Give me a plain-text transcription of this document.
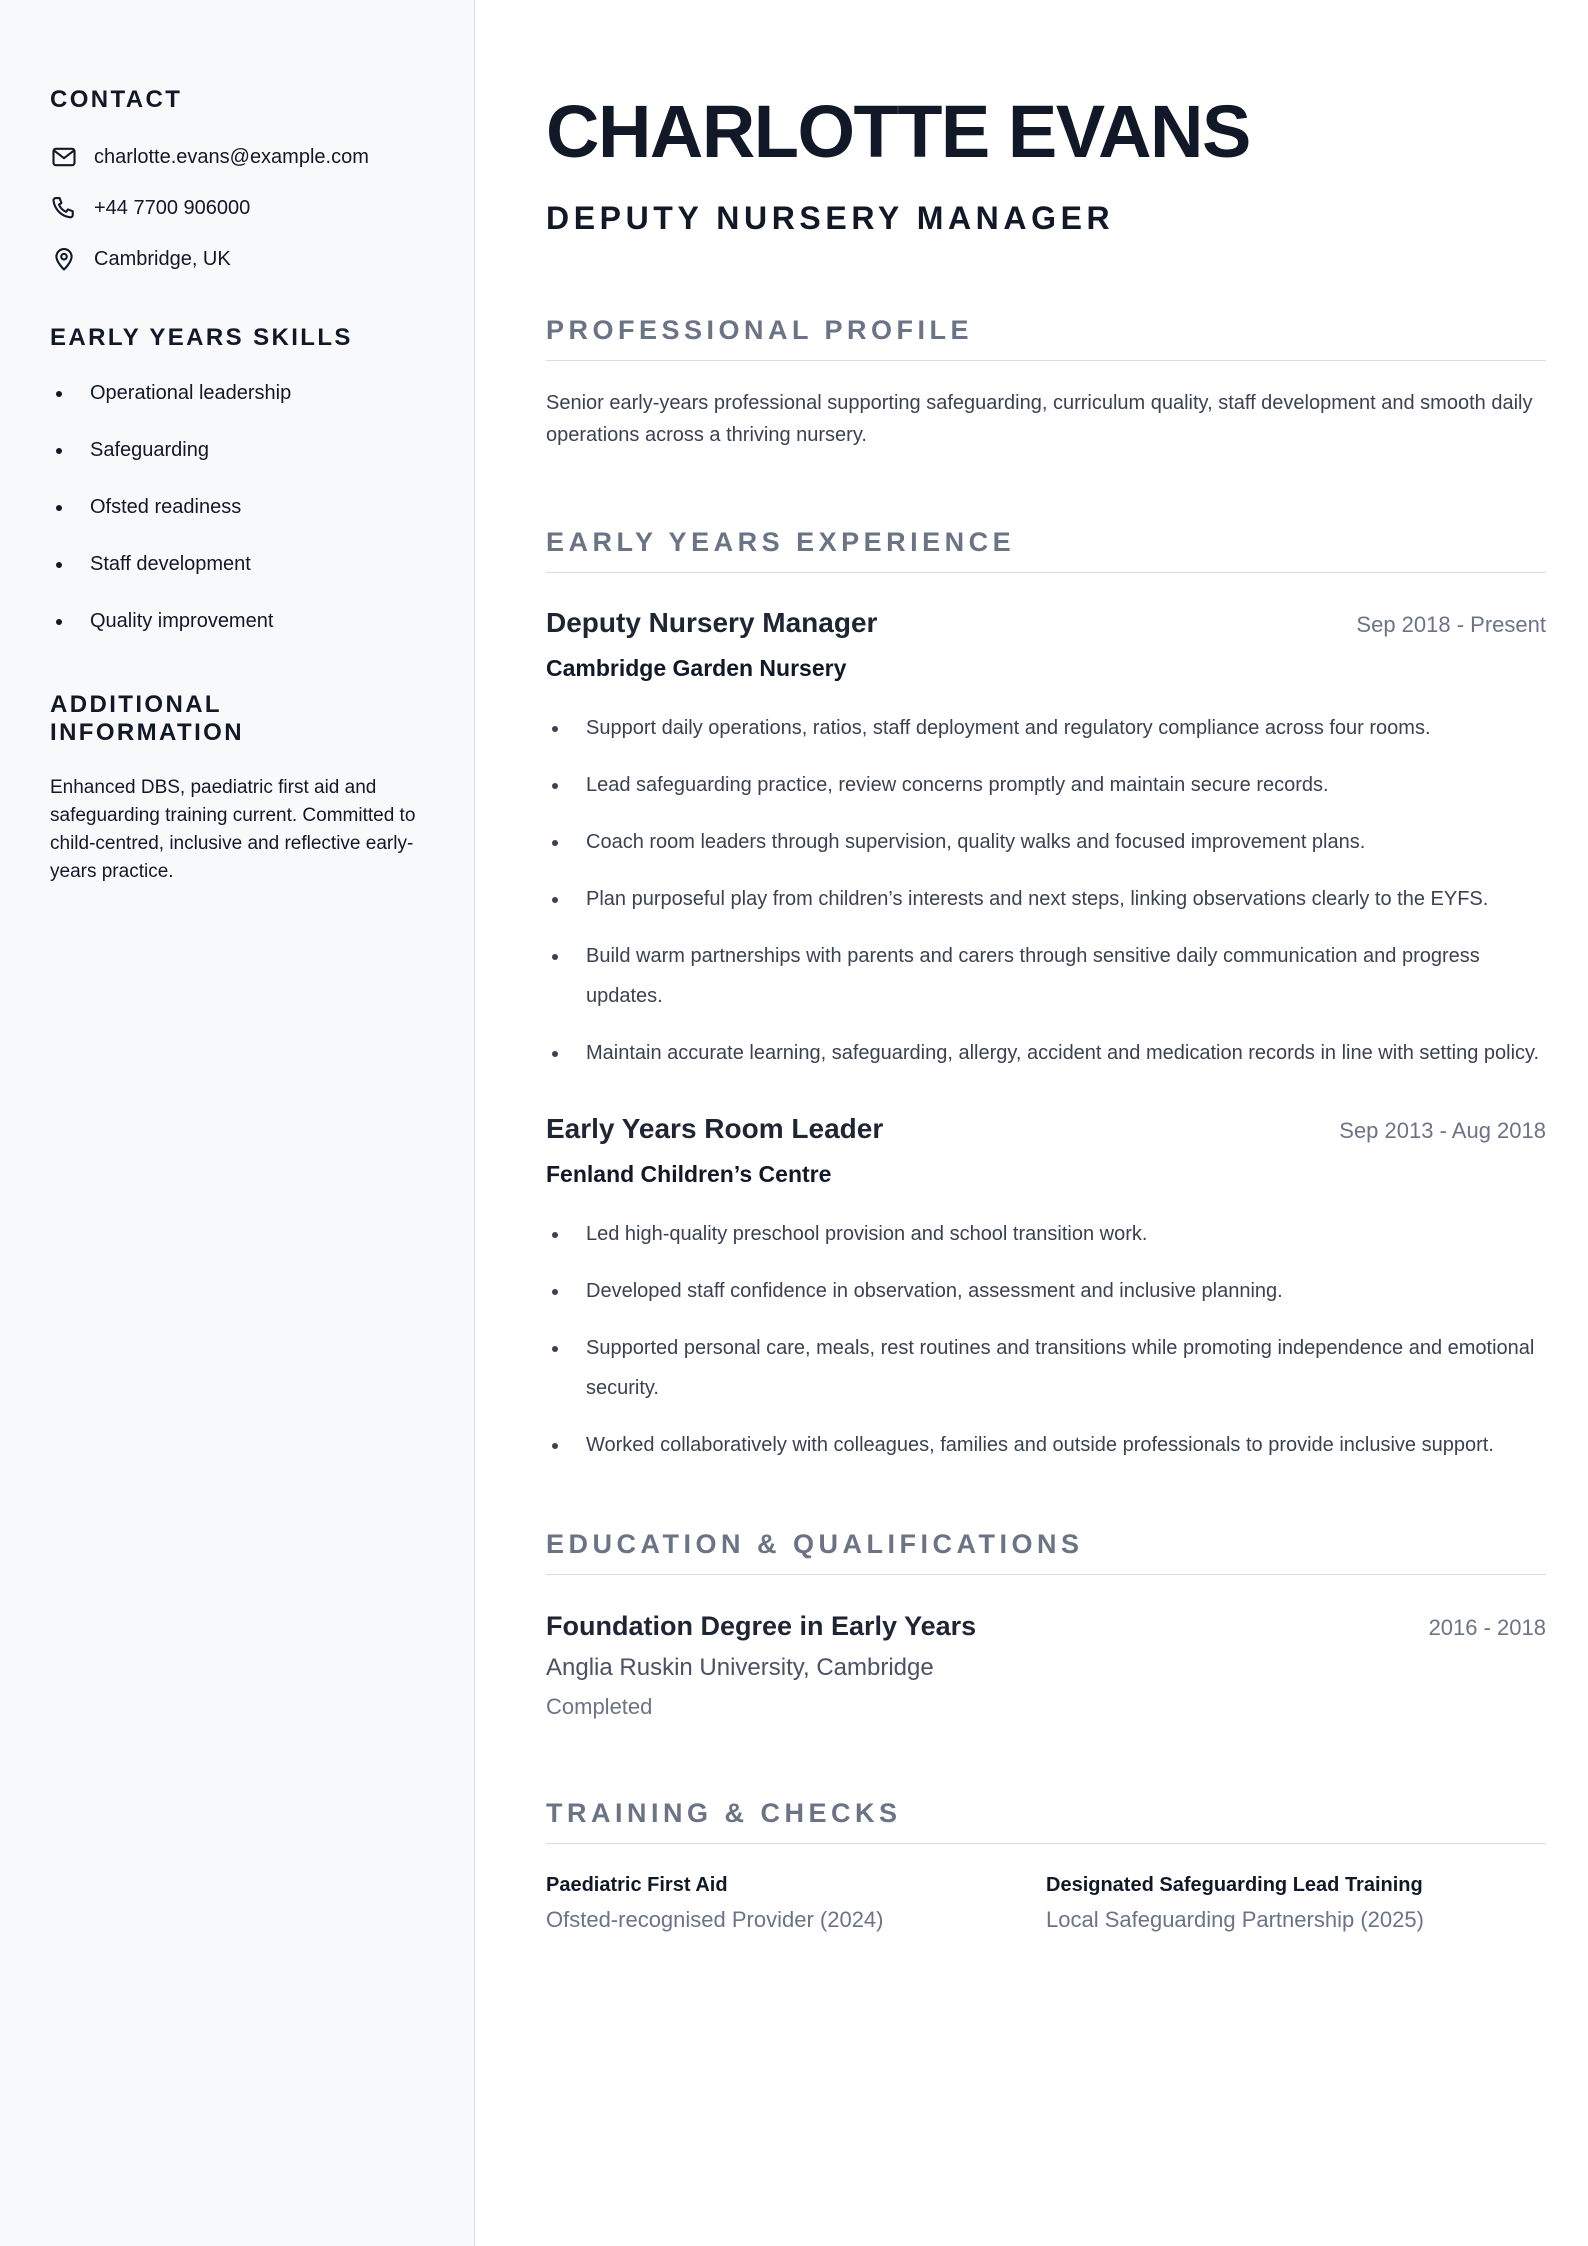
CONTACT
charlotte.evans@example.com
+44 7700 906000
Cambridge, UK
EARLY YEARS SKILLS
Operational leadership
Safeguarding
Ofsted readiness
Staff development
Quality improvement
ADDITIONAL INFORMATION

Enhanced DBS, paediatric first aid and safeguarding training current. Committed to child-centred, inclusive and reflective early-years practice.

CHARLOTTE EVANS
DEPUTY NURSERY MANAGER
PROFESSIONAL PROFILE

Senior early-years professional supporting safeguarding, curriculum quality, staff development and smooth daily operations across a thriving nursery.

EARLY YEARS EXPERIENCE
Deputy Nursery Manager	Sep 2018 - Present
Cambridge Garden Nursery
Support daily operations, ratios, staff deployment and regulatory compliance across four rooms.
Lead safeguarding practice, review concerns promptly and maintain secure records.
Coach room leaders through supervision, quality walks and focused improvement plans.
Plan purposeful play from children’s interests and next steps, linking observations clearly to the EYFS.
Build warm partnerships with parents and carers through sensitive daily communication and progress updates.
Maintain accurate learning, safeguarding, allergy, accident and medication records in line with setting policy.
Early Years Room Leader	Sep 2013 - Aug 2018
Fenland Children’s Centre
Led high-quality preschool provision and school transition work.
Developed staff confidence in observation, assessment and inclusive planning.
Supported personal care, meals, rest routines and transitions while promoting independence and emotional security.
Worked collaboratively with colleagues, families and outside professionals to provide inclusive support.
EDUCATION & QUALIFICATIONS
Foundation Degree in Early Years	2016 - 2018
Anglia Ruskin University, Cambridge
Completed
TRAINING & CHECKS
Paediatric First Aid
Ofsted-recognised Provider (2024)
Designated Safeguarding Lead Training
Local Safeguarding Partnership (2025)
